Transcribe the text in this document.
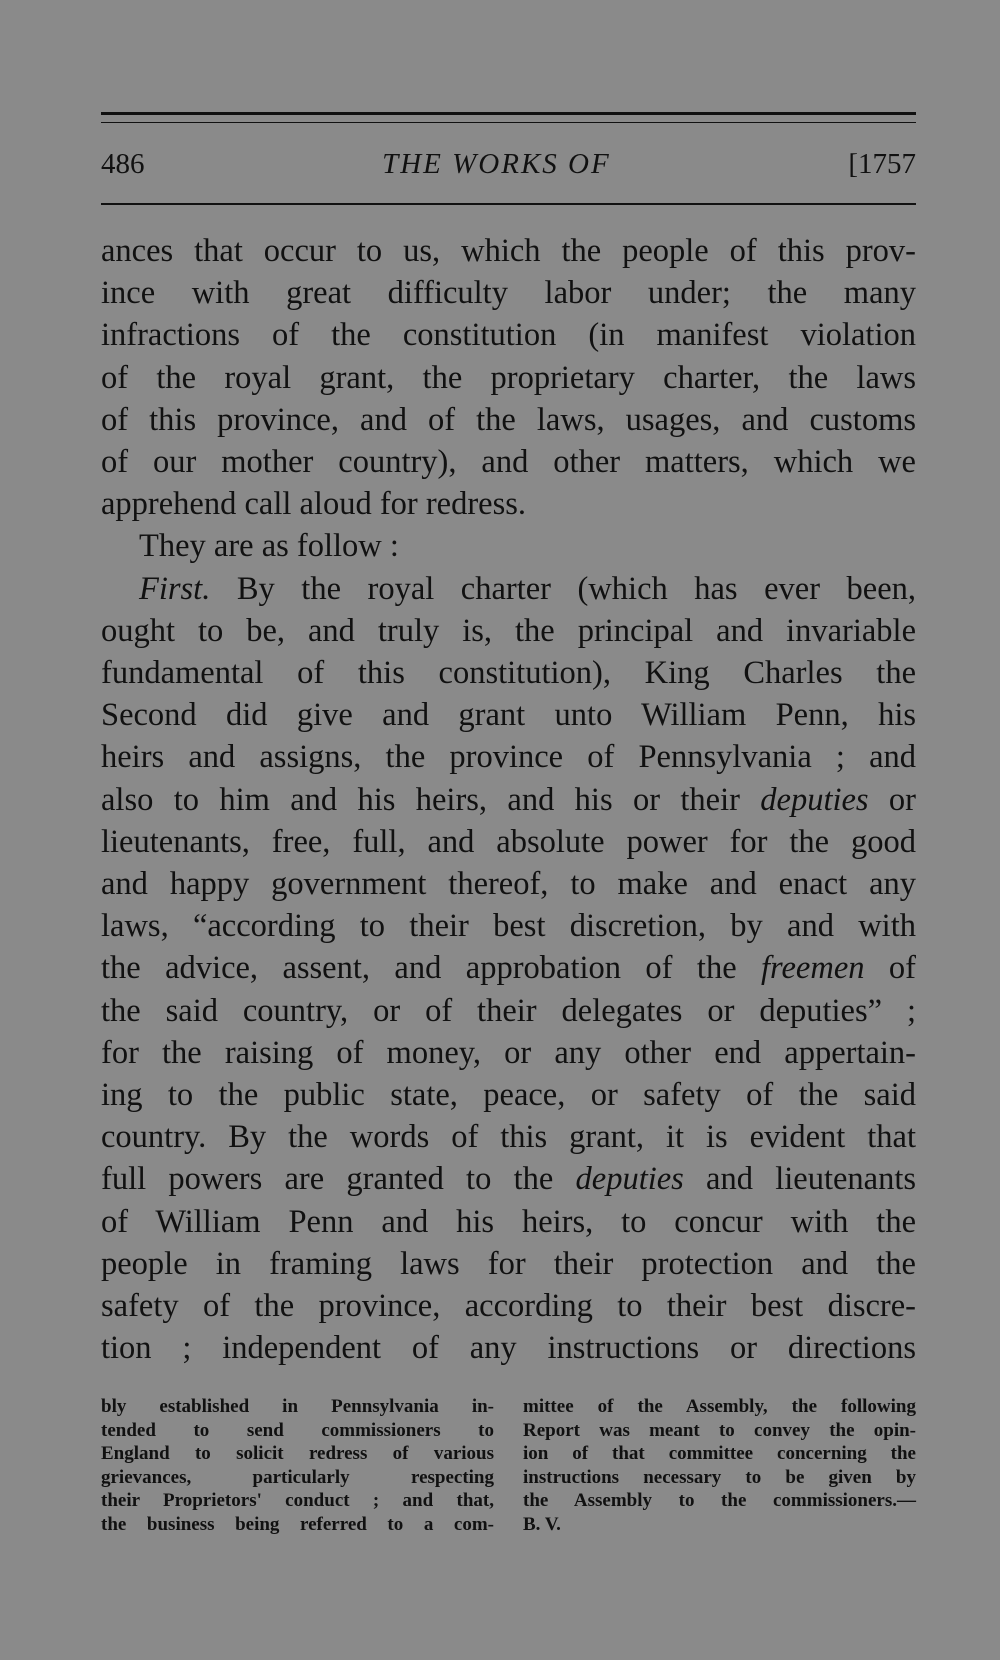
486	THE WORKS OF	[1757
ances that occur to us, which the people of this prov-
ince with great difficulty labor under; the many
infractions of the constitution (in manifest violation
of the royal grant, the proprietary charter, the laws
of this province, and of the laws, usages, and customs
of our mother country), and other matters, which we
apprehend call aloud for redress.
They are as follow :
First. By the royal charter (which has ever been,
ought to be, and truly is, the principal and invariable
fundamental of this constitution), King Charles the
Second did give and grant unto William Penn, his
heirs and assigns, the province of Pennsylvania ; and
also to him and his heirs, and his or their deputies or
lieutenants, free, full, and absolute power for the good
and happy government thereof, to make and enact any
laws, “according to their best discretion, by and with
the advice, assent, and approbation of the freemen of
the said country, or of their delegates or deputies” ;
for the raising of money, or any other end appertain-
ing to the public state, peace, or safety of the said
country. By the words of this grant, it is evident that
full powers are granted to the deputies and lieutenants
of William Penn and his heirs, to concur with the
people in framing laws for their protection and the
safety of the province, according to their best discre-
tion ; independent of any instructions or directions
bly established in Pennsylvania in-
tended to send commissioners to
England to solicit redress of various
grievances, particularly respecting
their Proprietors' conduct ; and that,
the business being referred to a com-
mittee of the Assembly, the following
Report was meant to convey the opin-
ion of that committee concerning the
instructions necessary to be given by
the Assembly to the commissioners.—
B. V.
